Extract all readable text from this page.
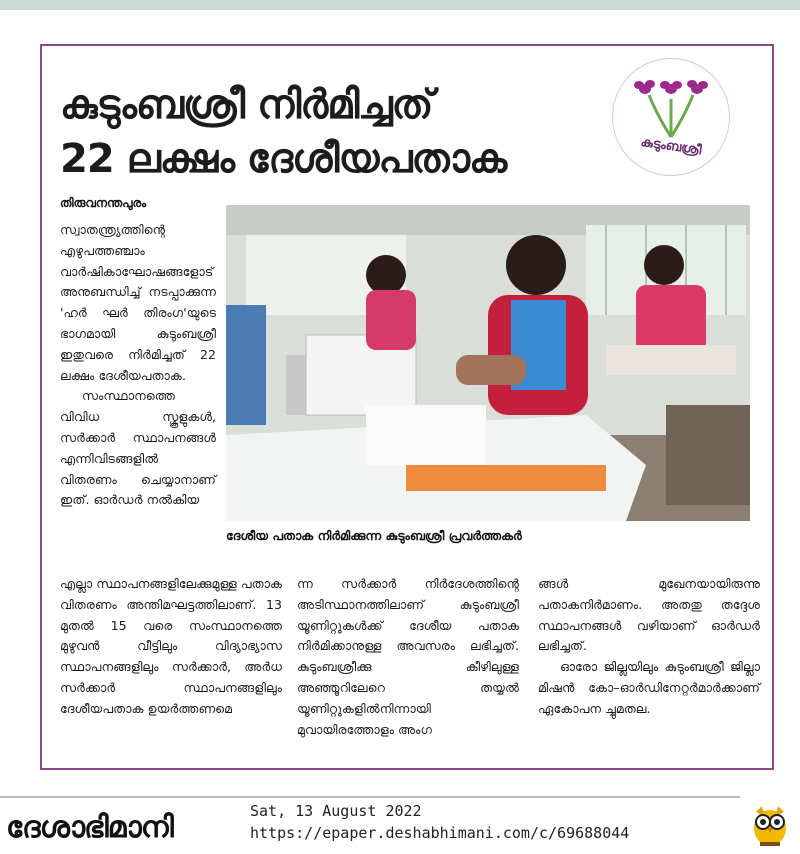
കുടുംബശ്രീ നിർമിച്ചത്
22 ലക്ഷം ദേശീയപതാക	കുടുംബശ്രീ
തിരുവനന്തപുരം

സ്വാതന്ത്ര്യത്തിന്റെ എഴുപത്തഞ്ചാം വാർഷികാഘോഷങ്ങളോട് അനുബന്ധിച്ച് നടപ്പാക്കുന്ന 'ഹർ ഘർ തിരംഗ'യുടെ ഭാഗമായി കുടുംബശ്രീ ഇതുവരെ നിർമിച്ചത് 22 ലക്ഷം ദേശീയപതാക.

സംസ്ഥാനത്തെ വിവിധ സ്കൂളുകൾ, സർക്കാർ സ്ഥാപനങ്ങൾ എന്നിവിടങ്ങളിൽ വിതരണം ചെയ്യാനാണ് ഇത്. ഓർഡർ നൽകിയ

ദേശീയ പതാക നിർമിക്കുന്ന കുടുംബശ്രീ പ്രവർത്തകർ

എല്ലാ സ്ഥാപനങ്ങളിലേക്കുമുള്ള പതാക വിതരണം അന്തിമഘട്ടത്തിലാണ്. 13 മുതൽ 15 വരെ സംസ്ഥാനത്തെ മുഴുവൻ വീട്ടിലും വിദ്യാഭ്യാസ സ്ഥാപനങ്ങളിലും സർക്കാർ, അർധ സർക്കാർ സ്ഥാപനങ്ങളിലും ദേശീയപതാക ഉയർത്തണമെ

ന്ന സർക്കാർ നിർദേശത്തിന്റെ അടിസ്ഥാനത്തിലാണ് കുടുംബശ്രീ യൂണിറ്റുകൾക്ക് ദേശീയ പതാക നിർമിക്കാനുള്ള അവസരം ലഭിച്ചത്. കുടുംബശ്രീക്കു കീഴിലുള്ള അഞ്ഞൂറിലേറെ തയ്യൽ യൂണിറ്റുകളിൽനിന്നായി മുവായിരത്തോളം അംഗ

ങ്ങൾ മുഖേനയായിരുന്നു പതാകനിർമാണം. അതതു തദ്ദേശ സ്ഥാപനങ്ങൾ വഴിയാണ് ഓർഡർ ലഭിച്ചത്.

ഓരോ ജില്ലയിലും കുടുംബശ്രീ ജില്ലാ മിഷൻ കോ–ഓർഡിനേറ്റർമാർക്കാണ് ഏകോപന ച്ചുമതല.

ദേശാഭിമാനി	Sat, 13 August 2022
https://epaper.deshabhimani.com/c/69688044
